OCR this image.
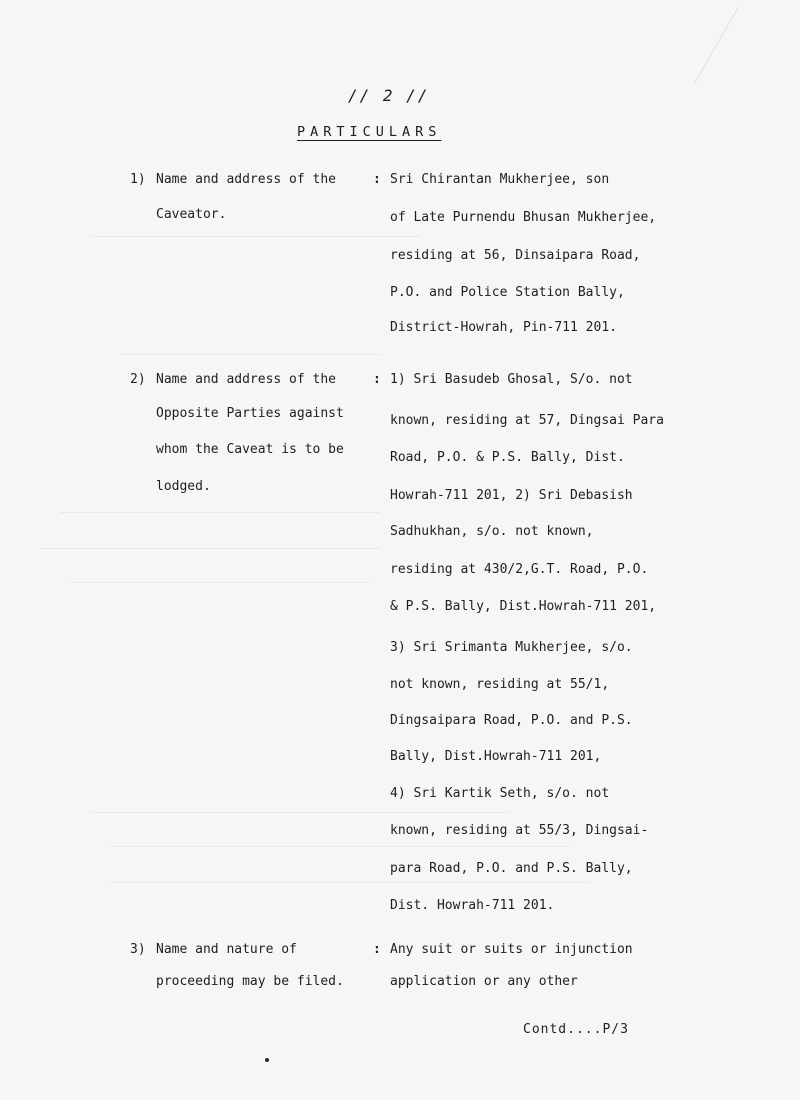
// 2 //
PARTICULARS
1) Name and address of the
Caveator.
: Sri Chirantan Mukherjee, son
of Late Purnendu Bhusan Mukherjee,
residing at 56, Dinsaipara Road,
P.O. and Police Station Bally,
District-Howrah, Pin-711 201.
2) Name and address of the
Opposite Parties against
whom the Caveat is to be
lodged.
: 1) Sri Basudeb Ghosal, S/o. not
known, residing at 57, Dingsai Para
Road, P.O. & P.S. Bally, Dist.
Howrah-711 201, 2) Sri Debasish
Sadhukhan, s/o. not known,
residing at 430/2,G.T. Road, P.O.
& P.S. Bally, Dist.Howrah-711 201,
3) Sri Srimanta Mukherjee, s/o.
not known, residing at 55/1,
Dingsaipara Road, P.O. and P.S.
Bally, Dist.Howrah-711 201,
4) Sri Kartik Seth, s/o. not
known, residing at 55/3, Dingsai-
para Road, P.O. and P.S. Bally,
Dist. Howrah-711 201.
3) Name and nature of
proceeding may be filed.
: Any suit or suits or injunction
application or any other
Contd....P/3
